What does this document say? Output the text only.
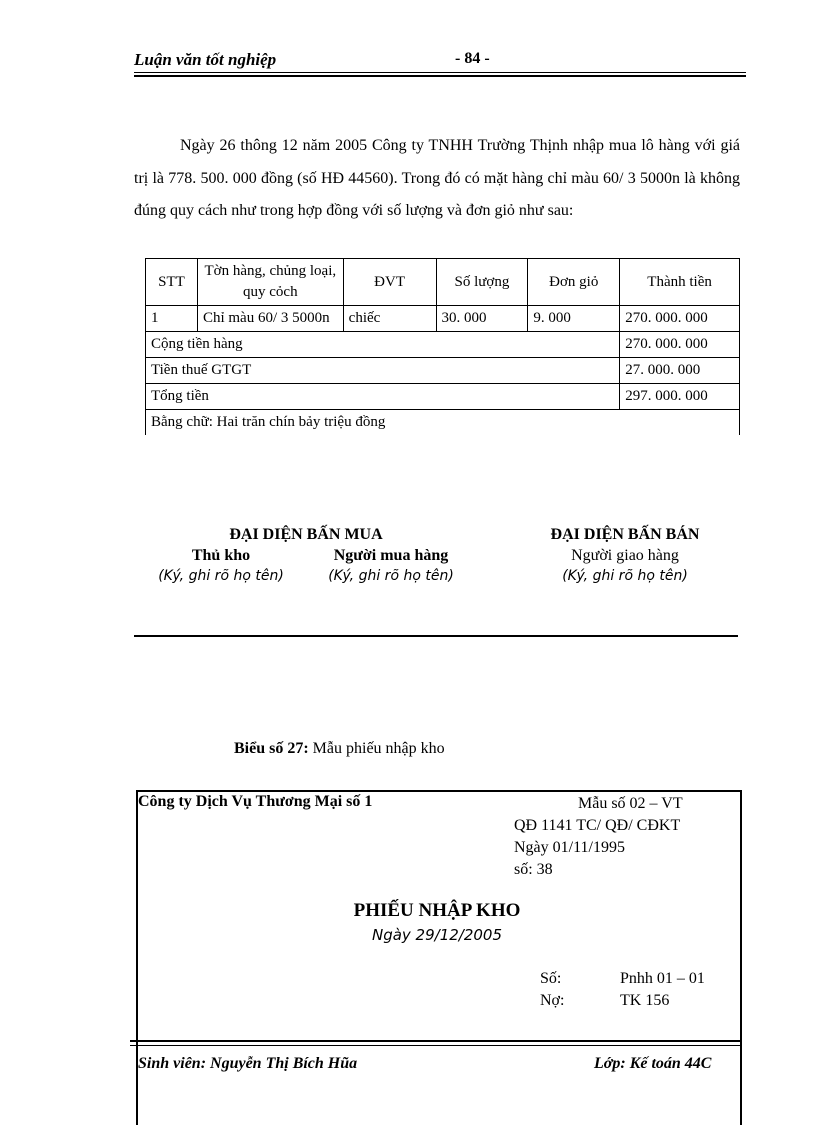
Luận văn tốt nghiệp	- 84 -

Ngày 26 thông 12 năm 2005 Công ty TNHH Trường Thịnh nhập mua lô hàng với giá trị là 778. 500. 000 đồng (số HĐ 44560). Trong đó có mặt hàng chỉ màu 60/ 3 5000n là không đúng quy cách như trong hợp đồng với số lượng và đơn giỏ như sau:

STT	Tờn hàng, chủng loại, quy cỏch	ĐVT	Số lượng	Đơn giỏ	Thành tiền
1	Chỉ màu 60/ 3 5000n	chiếc	30. 000	9. 000	270. 000. 000
Cộng tiền hàng					270. 000. 000
Tiền thuế GTGT					27. 000. 000
Tổng tiền					297. 000. 000
Bằng chữ: Hai trăn chín bảy triệu đồng					
ĐẠI DIỆN BẤN MUA
Thủ kho
(Ký, ghi rõ họ tên)
Người mua hàng
(Ký, ghi rõ họ tên)
ĐẠI DIỆN BẤN BÁN
Người giao hàng
(Ký, ghi rõ họ tên)
Biểu số 27: Mẫu phiếu nhập kho
Công ty Dịch Vụ Thương Mại số 1	Mẫu số 02 – VT
QĐ 1141 TC/ QĐ/ CĐKT
Ngày 01/11/1995
số: 38
PHIẾU NHẬP KHO
Ngày 29/12/2005
Số:	Pnhh 01 – 01
Nợ:	TK 156
Sinh viên: Nguyễn Thị Bích Hũa	Lớp: Kế toán 44C
